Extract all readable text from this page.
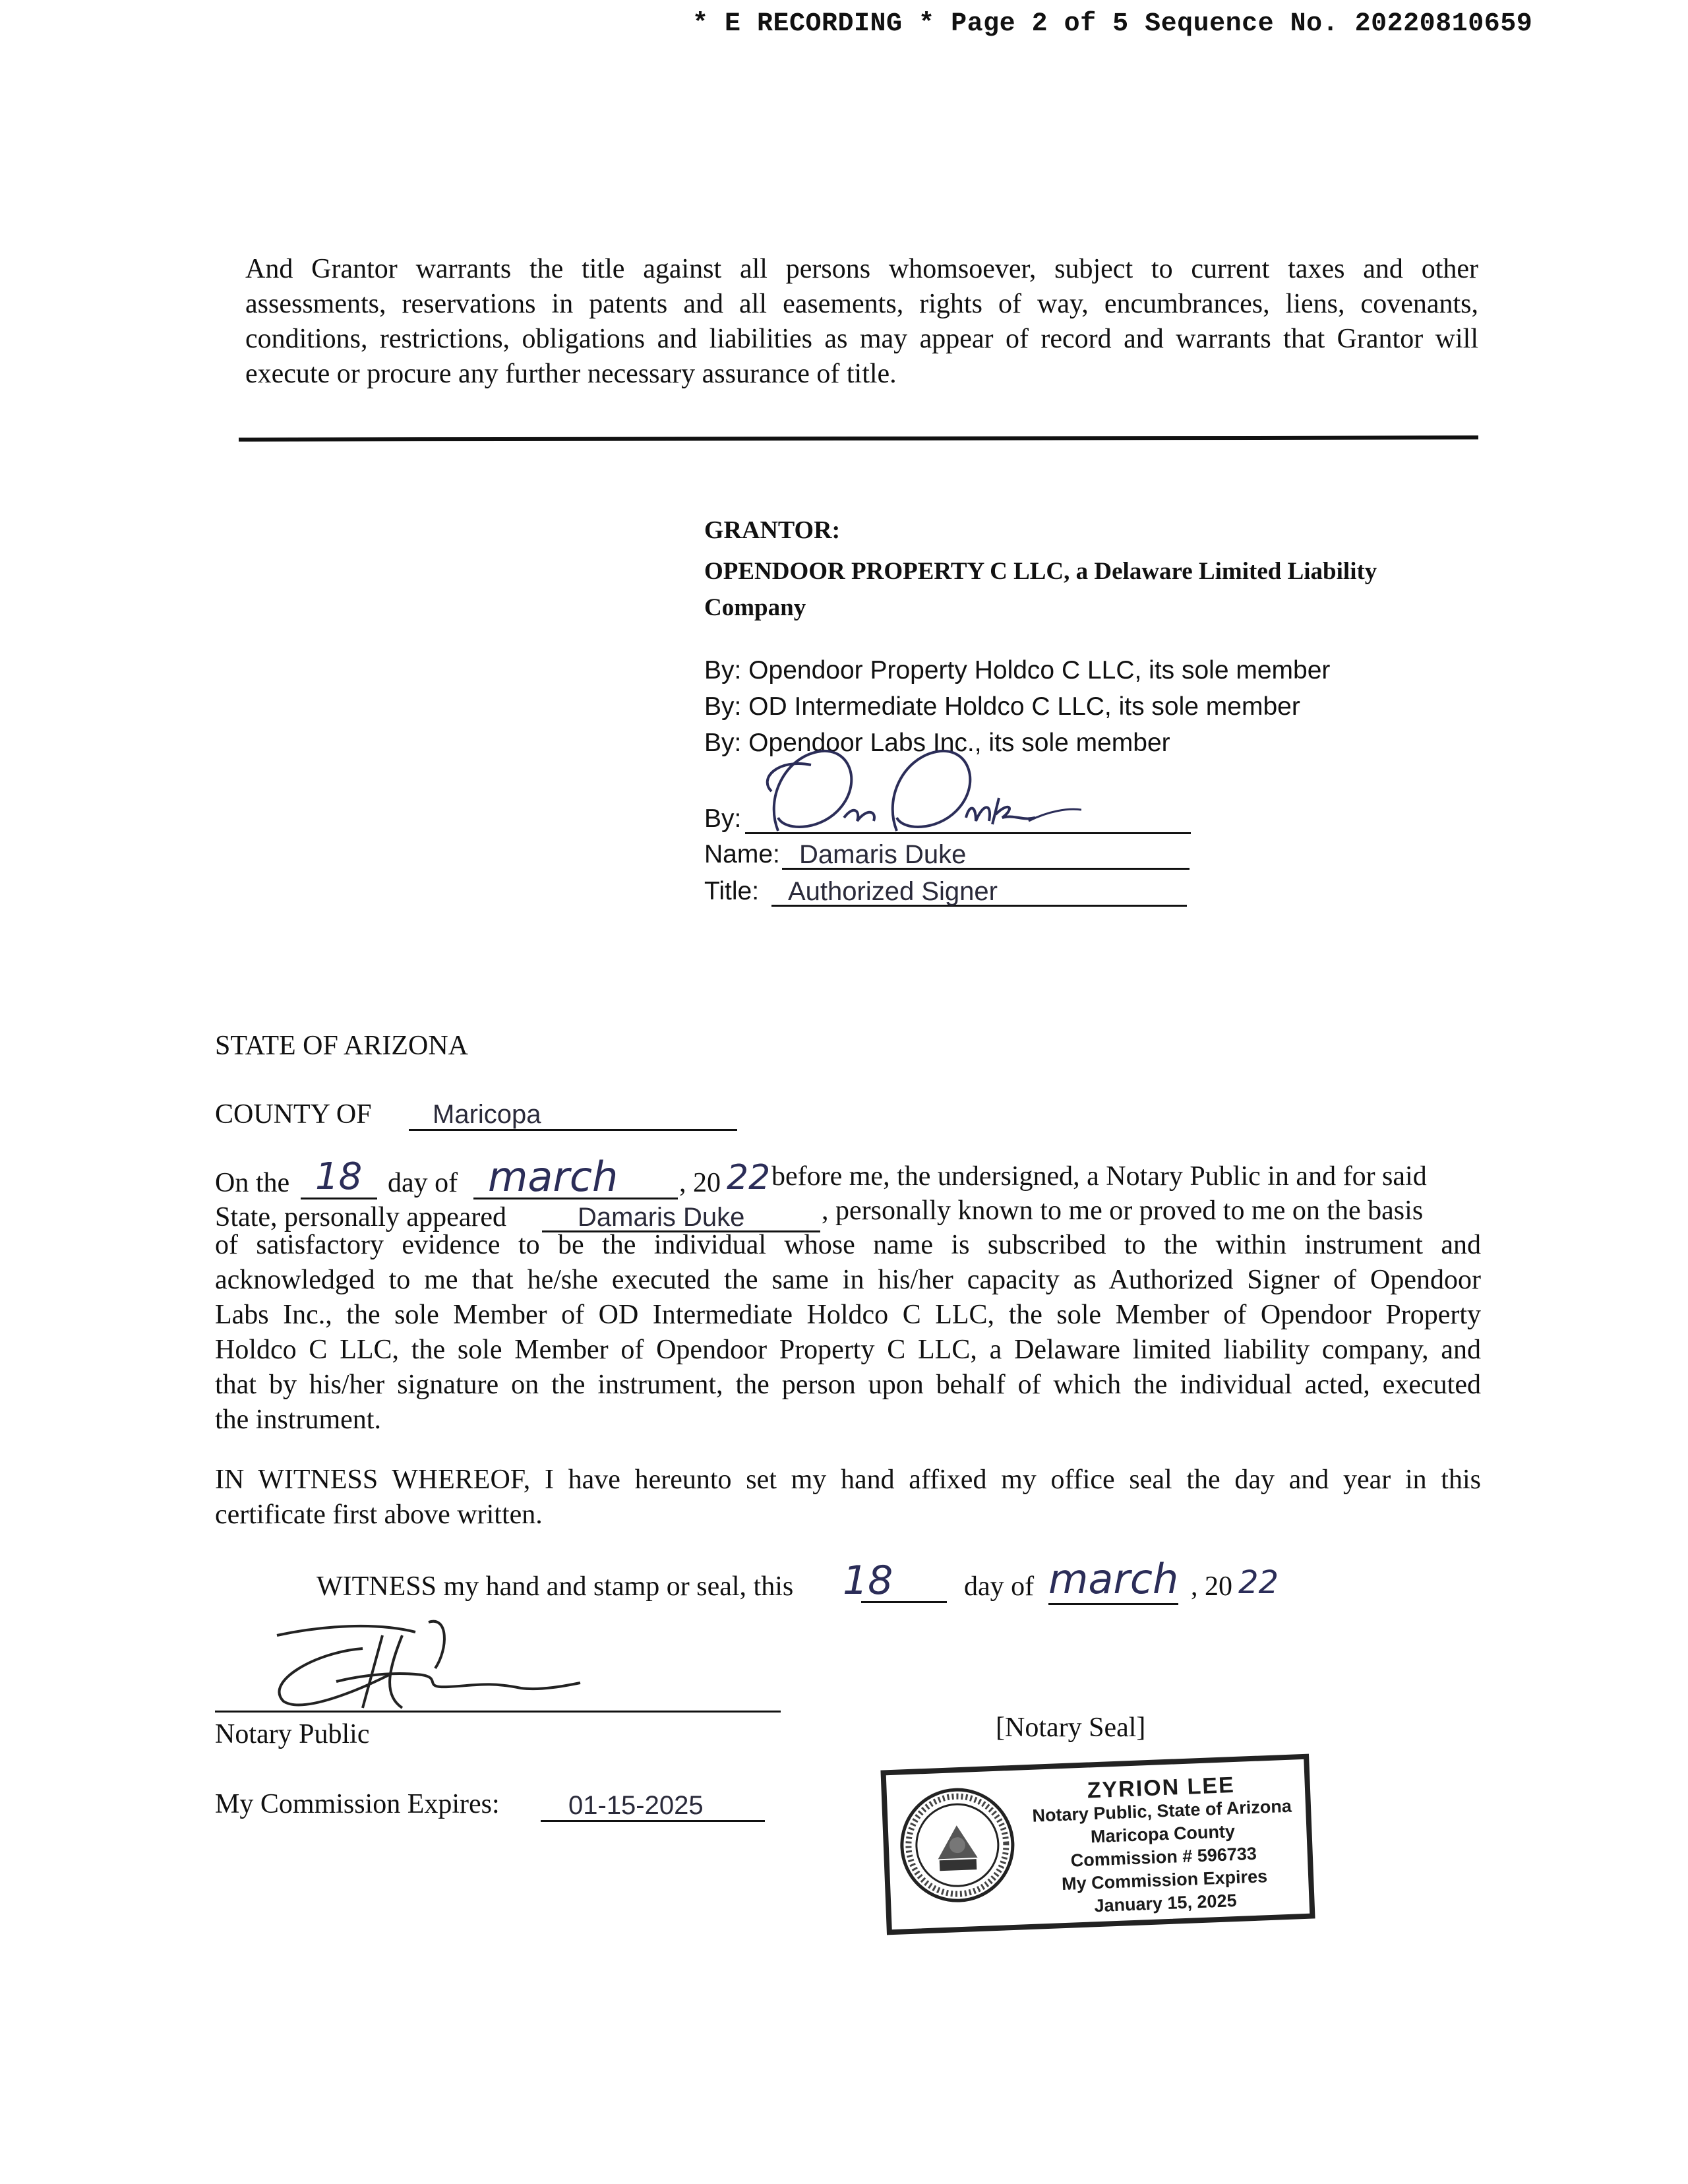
* E RECORDING * Page 2 of 5 Sequence No. 20220810659
And Grantor warrants the title against all persons whomsoever, subject to current taxes and other
assessments, reservations in patents and all easements, rights of way, encumbrances, liens, covenants,
conditions, restrictions, obligations and liabilities as may appear of record and warrants that Grantor will
execute or procure any further necessary assurance of title.
GRANTOR:
OPENDOOR PROPERTY C LLC, a Delaware Limited Liability
Company
By: Opendoor Property Holdco C LLC, its sole member
By: OD Intermediate Holdco C LLC, its sole member
By: Opendoor Labs Inc., its sole member
By:
Name: Damaris Duke
Title: Authorized Signer
STATE OF ARIZONA
COUNTY OF Maricopa
On the 18 day of march , 20 22 before me, the undersigned, a Notary Public in and for said
State, personally appeared	Damaris Duke	, personally known to me or proved to me on the basis
of satisfactory evidence to be the individual whose name is subscribed to the within instrument and
acknowledged to me that he/she executed the same in his/her capacity as Authorized Signer of Opendoor
Labs Inc., the sole Member of OD Intermediate Holdco C LLC, the sole Member of Opendoor Property
Holdco C LLC, the sole Member of Opendoor Property C LLC, a Delaware limited liability company, and
that by his/her signature on the instrument, the person upon behalf of which the individual acted, executed
the instrument.
IN WITNESS WHEREOF, I have hereunto set my hand affixed my office seal the day and year in this
certificate first above written.
WITNESS my hand and stamp or seal, this 18	day of march , 20 22
Notary Public	[Notary Seal]
My Commission Expires:	01-15-2025
ZYRION LEE
Notary Public, State of Arizona
Maricopa County
Commission # 596733
My Commission Expires
January 15, 2025
